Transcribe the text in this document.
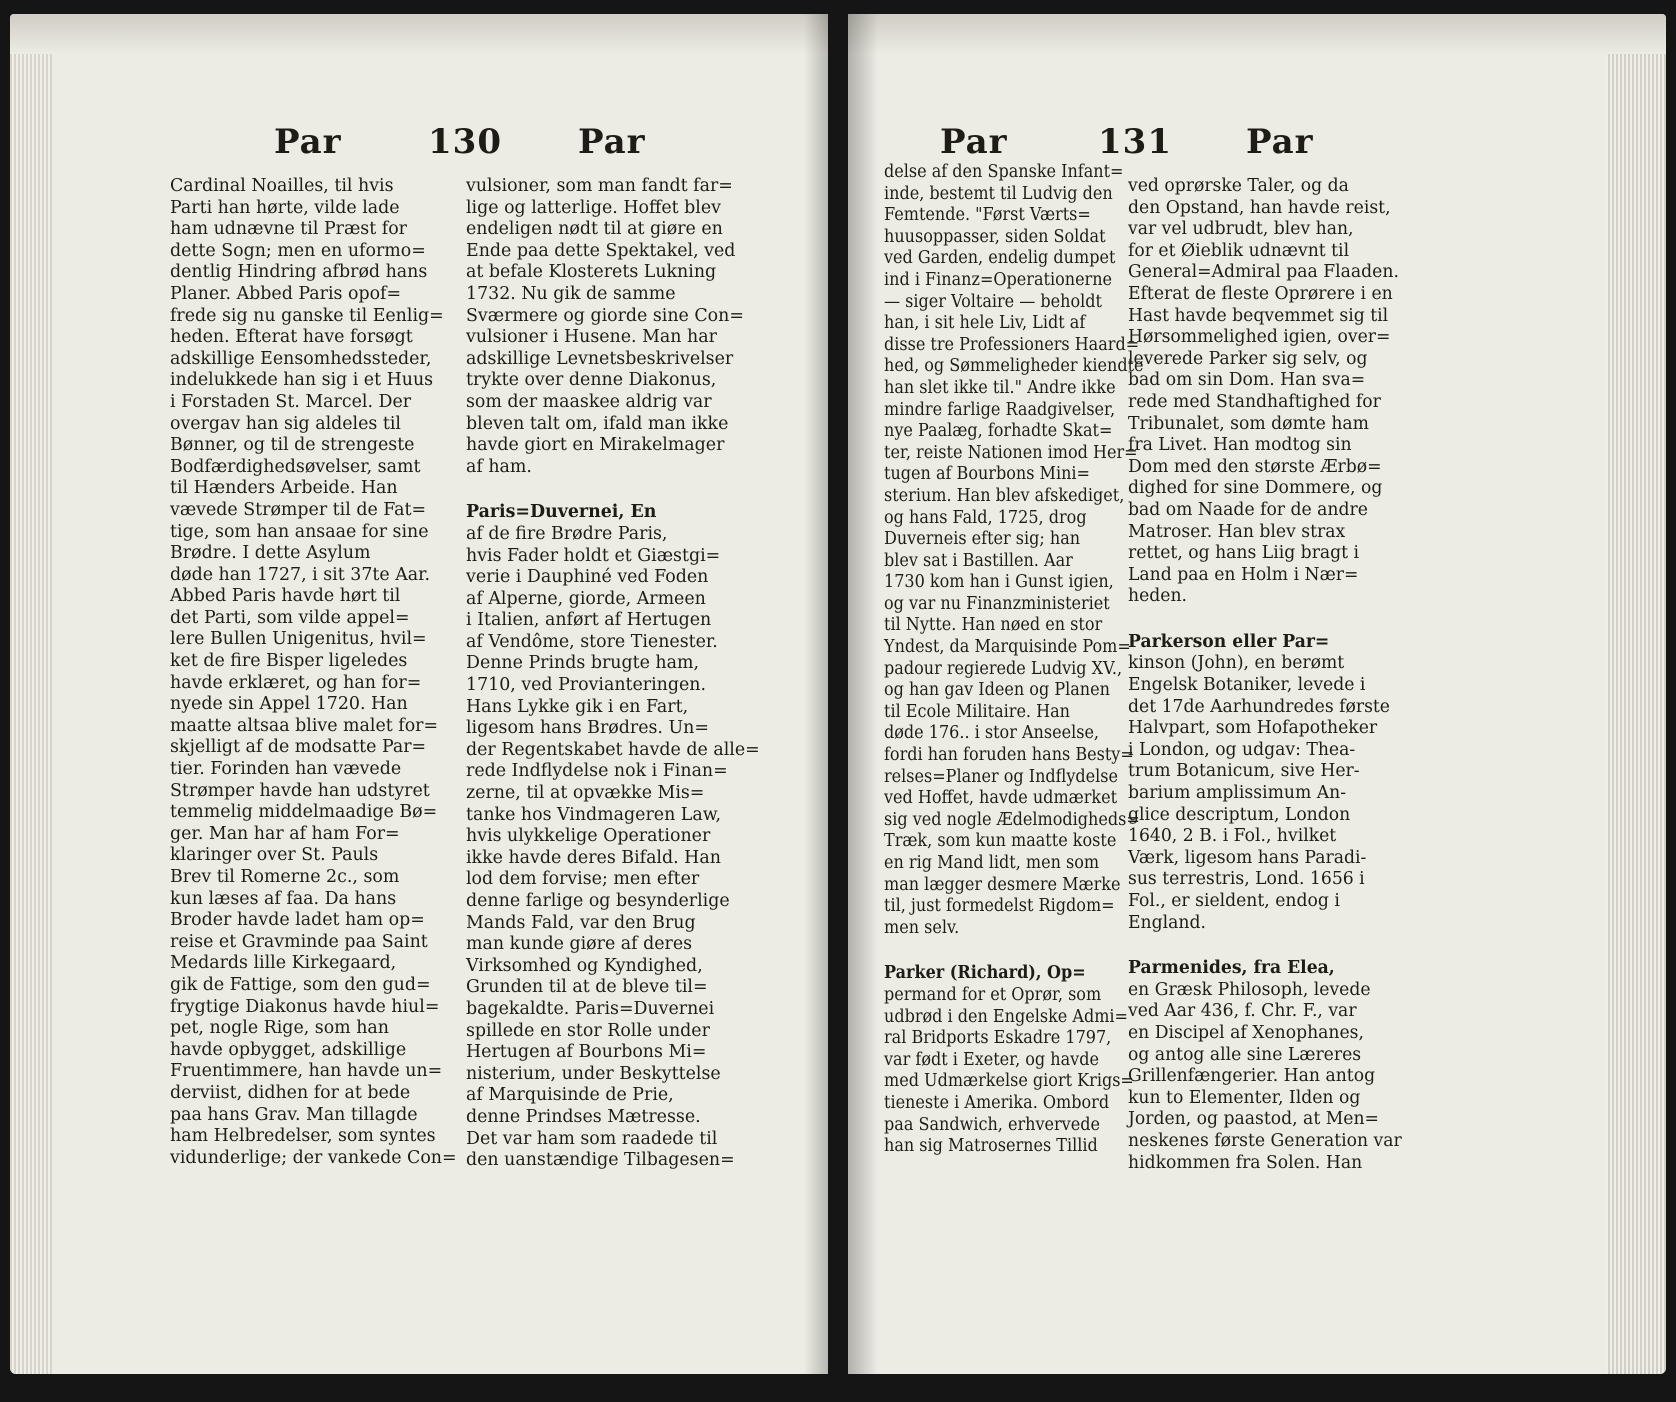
Par	130 Par
Cardinal Noailles, til hvis
Parti han hørte, vilde lade
ham udnævne til Præst for
dette Sogn; men en uformo=
dentlig Hindring afbrød hans
Planer. Abbed Paris opof=
frede sig nu ganske til Eenlig=
heden. Efterat have forsøgt
adskillige Eensomhedssteder,
indelukkede han sig i et Huus
i Forstaden St. Marcel. Der
overgav han sig aldeles til
Bønner, og til de strengeste
Bodfærdighedsøvelser, samt
til Hænders Arbeide. Han
vævede Strømper til de Fat=
tige, som han ansaae for sine
Brødre. I dette Asylum
døde han 1727, i sit 37te Aar.
Abbed Paris havde hørt til
det Parti, som vilde appel=
lere Bullen Unigenitus, hvil=
ket de fire Bisper ligeledes
havde erklæret, og han for=
nyede sin Appel 1720. Han
maatte altsaa blive malet for=
skjelligt af de modsatte Par=
tier. Forinden han vævede
Strømper havde han udstyret
temmelig middelmaadige Bø=
ger. Man har af ham For=
klaringer over St. Pauls
Brev til Romerne 2c., som
kun læses af faa. Da hans
Broder havde ladet ham op=
reise et Gravminde paa Saint
Medards lille Kirkegaard,
gik de Fattige, som den gud=
frygtige Diakonus havde hiul=
pet, nogle Rige, som han
havde opbygget, adskillige
Fruentimmere, han havde un=
derviist, didhen for at bede
paa hans Grav. Man tillagde
ham Helbredelser, som syntes
vidunderlige; der vankede Con=
vulsioner, som man fandt far=
lige og latterlige. Hoffet blev
endeligen nødt til at giøre en
Ende paa dette Spektakel, ved
at befale Klosterets Lukning
1732. Nu gik de samme
Sværmere og giorde sine Con=
vulsioner i Husene. Man har
adskillige Levnetsbeskrivelser
trykte over denne Diakonus,
som der maaskee aldrig var
bleven talt om, ifald man ikke
havde giort en Mirakelmager
af ham.
Paris=Duvernei, En
af de fire Brødre Paris,
hvis Fader holdt et Giæstgi=
verie i Dauphiné ved Foden
af Alperne, giorde, Armeen
i Italien, anført af Hertugen
af Vendôme, store Tienester.
Denne Prinds brugte ham,
1710, ved Provianteringen.
Hans Lykke gik i en Fart,
ligesom hans Brødres. Un=
der Regentskabet havde de alle=
rede Indflydelse nok i Finan=
zerne, til at opvække Mis=
tanke hos Vindmageren Law,
hvis ulykkelige Operationer
ikke havde deres Bifald. Han
lod dem forvise; men efter
denne farlige og besynderlige
Mands Fald, var den Brug
man kunde giøre af deres
Virksomhed og Kyndighed,
Grunden til at de bleve til=
bagekaldte. Paris=Duvernei
spillede en stor Rolle under
Hertugen af Bourbons Mi=
nisterium, under Beskyttelse
af Marquisinde de Prie,
denne Prindses Mætresse.
Det var ham som raadede til
den uanstændige Tilbagesen=
Par	131 Par
delse af den Spanske Infant=
inde, bestemt til Ludvig den
Femtende. "Først Værts=
huusoppasser, siden Soldat
ved Garden, endelig dumpet
ind i Finanz=Operationerne
— siger Voltaire — beholdt
han, i sit hele Liv, Lidt af
disse tre Professioners Haard=
hed, og Sømmeligheder kiendte
han slet ikke til." Andre ikke
mindre farlige Raadgivelser,
nye Paalæg, forhadte Skat=
ter, reiste Nationen imod Her=
tugen af Bourbons Mini=
sterium. Han blev afskediget,
og hans Fald, 1725, drog
Duverneis efter sig; han
blev sat i Bastillen. Aar
1730 kom han i Gunst igien,
og var nu Finanzministeriet
til Nytte. Han nøed en stor
Yndest, da Marquisinde Pom=
padour regierede Ludvig XV.,
og han gav Ideen og Planen
til Ecole Militaire. Han
døde 176.. i stor Anseelse,
fordi han foruden hans Besty=
relses=Planer og Indflydelse
ved Hoffet, havde udmærket
sig ved nogle Ædelmodigheds=
Træk, som kun maatte koste
en rig Mand lidt, men som
man lægger desmere Mærke
til, just formedelst Rigdom=
men selv.
Parker (Richard), Op=
permand for et Oprør, som
udbrød i den Engelske Admi=
ral Bridports Eskadre 1797,
var født i Exeter, og havde
med Udmærkelse giort Krigs=
tieneste i Amerika. Ombord
paa Sandwich, erhvervede
han sig Matrosernes Tillid
ved oprørske Taler, og da
den Opstand, han havde reist,
var vel udbrudt, blev han,
for et Øieblik udnævnt til
General=Admiral paa Flaaden.
Efterat de fleste Oprørere i en
Hast havde beqvemmet sig til
Hørsommelighed igien, over=
leverede Parker sig selv, og
bad om sin Dom. Han sva=
rede med Standhaftighed for
Tribunalet, som dømte ham
fra Livet. Han modtog sin
Dom med den største Ærbø=
dighed for sine Dommere, og
bad om Naade for de andre
Matroser. Han blev strax
rettet, og hans Liig bragt i
Land paa en Holm i Nær=
heden.
Parkerson eller Par=
kinson (John), en berømt
Engelsk Botaniker, levede i
det 17de Aarhundredes første
Halvpart, som Hofapotheker
i London, og udgav: Thea-
trum Botanicum, sive Her-
barium amplissimum An-
glice descriptum, London
1640, 2 B. i Fol., hvilket
Værk, ligesom hans Paradi-
sus terrestris, Lond. 1656 i
Fol., er sieldent, endog i
England.
Parmenides, fra Elea,
en Græsk Philosoph, levede
ved Aar 436, f. Chr. F., var
en Discipel af Xenophanes,
og antog alle sine Læreres
Grillenfængerier. Han antog
kun to Elementer, Ilden og
Jorden, og paastod, at Men=
neskenes første Generation var
hidkommen fra Solen. Han
